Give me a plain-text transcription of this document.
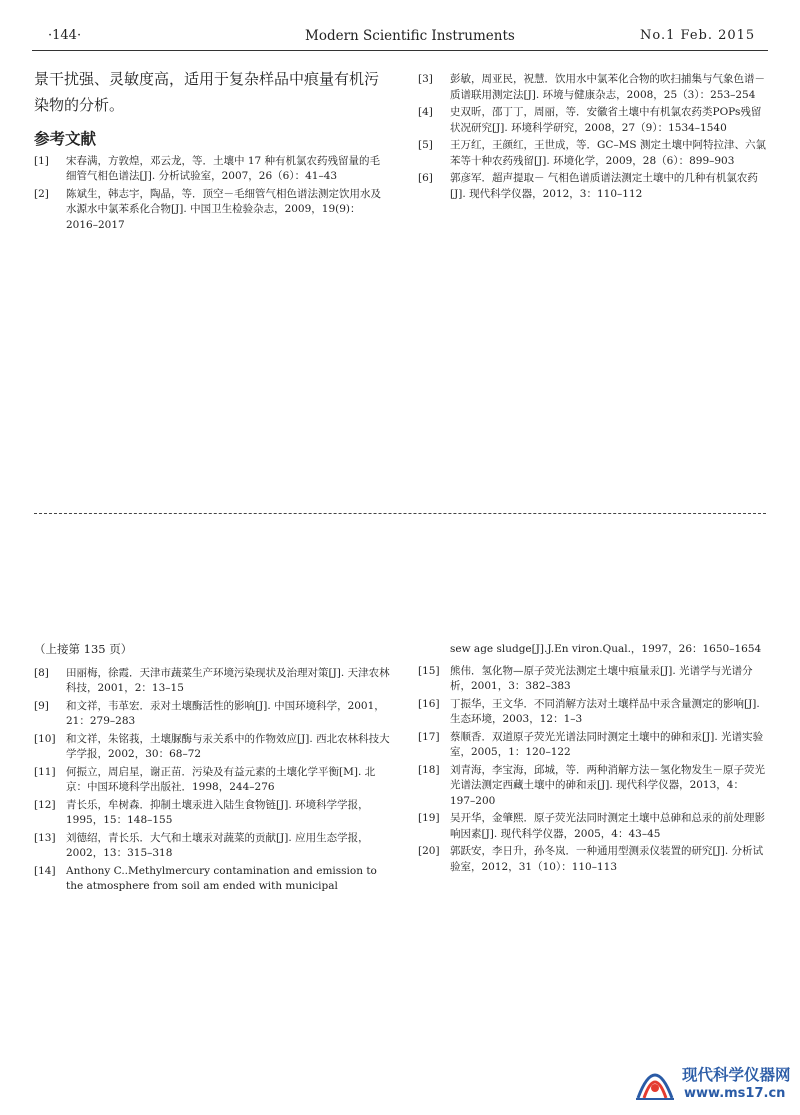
·144·	Modern Scientific Instruments	No.1 Feb. 2015
景干扰强、灵敏度高，适用于复杂样品中痕量有机污染物的分析。
参考文献
[1] 宋春满，方敦煌，邓云龙，等．土壤中 17 种有机氯农药残留量的毛细管气相色谱法[J]. 分析试验室，2007，26（6）：41–43
[2] 陈斌生，韩志宇，陶晶，等．顶空－毛细管气相色谱法测定饮用水及水源水中氯苯系化合物[J]. 中国卫生检验杂志，2009，19(9)：2016–2017
[3] 彭敏，周亚民，祝慧．饮用水中氯苯化合物的吹扫捕集与气象色谱－质谱联用测定法[J]. 环境与健康杂志，2008，25（3）：253–254
[4] 史双昕，邵丁丁，周丽，等．安徽省土壤中有机氯农药类POPs残留状况研究[J]. 环境科学研究，2008，27（9）：1534–1540
[5] 王万红，王颜红，王世成，等．GC–MS 测定土壤中阿特拉津、六氯苯等十种农药残留[J]. 环境化学，2009，28（6）：899–903
[6] 郭彦军．超声提取－ 气相色谱质谱法测定土壤中的几种有机氯农药[J]. 现代科学仪器，2012，3：110–112
（上接第 135 页）
[8] 田丽梅，徐霞．天津市蔬菜生产环境污染现状及治理对策[J]. 天津农林科技，2001，2：13–15
[9] 和文祥，韦革宏．汞对土壤酶活性的影响[J]. 中国环境科学，2001，21：279–283
[10] 和文祥，朱铭莪，土壤脲酶与汞关系中的作物效应[J]. 西北农林科技大学学报，2002，30：68–72
[11] 何振立，周启星，谢正苗．污染及有益元素的土壤化学平衡[M]. 北京：中国环境科学出版社．1998，244–276
[12] 青长乐，牟树森．抑制土壤汞进入陆生食物链[J]. 环境科学学报，1995，15：148–155
[13] 刘德绍，青长乐．大气和土壤汞对蔬菜的贡献[J]. 应用生态学报，2002，13：315–318
[14] Anthony C..Methylmercury contamination and emission to the atmosphere from soil am ended with municipal
sew age sludge[J].J.En viron.Qual.，1997，26：1650–1654
[15] 熊伟．氢化物—原子荧光法测定土壤中痕量汞[J]. 光谱学与光谱分析，2001，3：382–383
[16] 丁振华，王文华．不同消解方法对土壤样品中汞含量测定的影响[J]. 生态环境，2003，12：1–3
[17] 蔡顺香．双道原子荧光光谱法同时测定土壤中的砷和汞[J]. 光谱实验室，2005，1：120–122
[18] 刘青海，李宝海，邱城，等．两种消解方法－氢化物发生－原子荧光光谱法测定西藏土壤中的砷和汞[J]. 现代科学仪器，2013，4：197–200
[19] 吴开华，金肇熙．原子荧光法同时测定土壤中总砷和总汞的前处理影响因素[J]. 现代科学仪器，2005，4：43–45
[20] 郭跃安，李日升，孙冬岚．一种通用型测汞仪装置的研究[J]. 分析试验室，2012，31（10）：110–113
现代科学仪器网
www.ms17.cn
